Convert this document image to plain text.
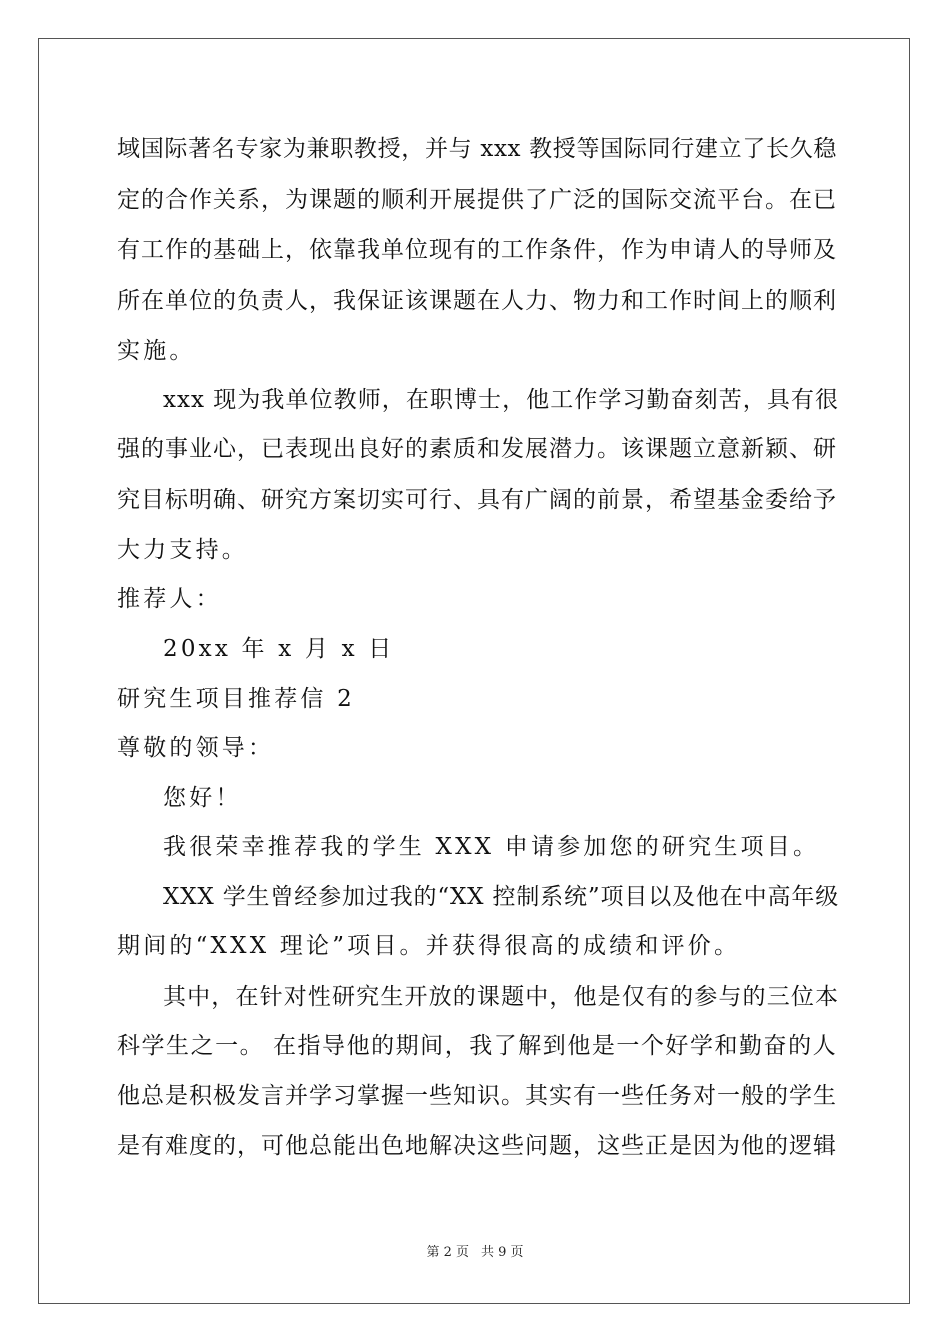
域国际著名专家为兼职教授，并与 xxx 教授等国际同行建立了长久稳
定的合作关系，为课题的顺利开展提供了广泛的国际交流平台。在已
有工作的基础上，依靠我单位现有的工作条件，作为申请人的导师及
所在单位的负责人，我保证该课题在人力、物力和工作时间上的顺利
实施。
xxx 现为我单位教师，在职博士，他工作学习勤奋刻苦，具有很
强的事业心，已表现出良好的素质和发展潜力。该课题立意新颖、研
究目标明确、研究方案切实可行、具有广阔的前景，希望基金委给予
大力支持。
推荐人：
20xx 年 x 月 x 日
研究生项目推荐信 2
尊敬的领导：
您好！
我很荣幸推荐我的学生 XXX 申请参加您的研究生项目。
XXX 学生曾经参加过我的“XX 控制系统”项目以及他在中高年级
期间的“XXX 理论”项目。并获得很高的成绩和评价。
其中，在针对性研究生开放的课题中，他是仅有的参与的三位本
科学生之一。 在指导他的期间，我了解到他是一个好学和勤奋的人
他总是积极发言并学习掌握一些知识。其实有一些任务对一般的学生
是有难度的，可他总能出色地解决这些问题，这些正是因为他的逻辑
第 2 页 共 9 页
